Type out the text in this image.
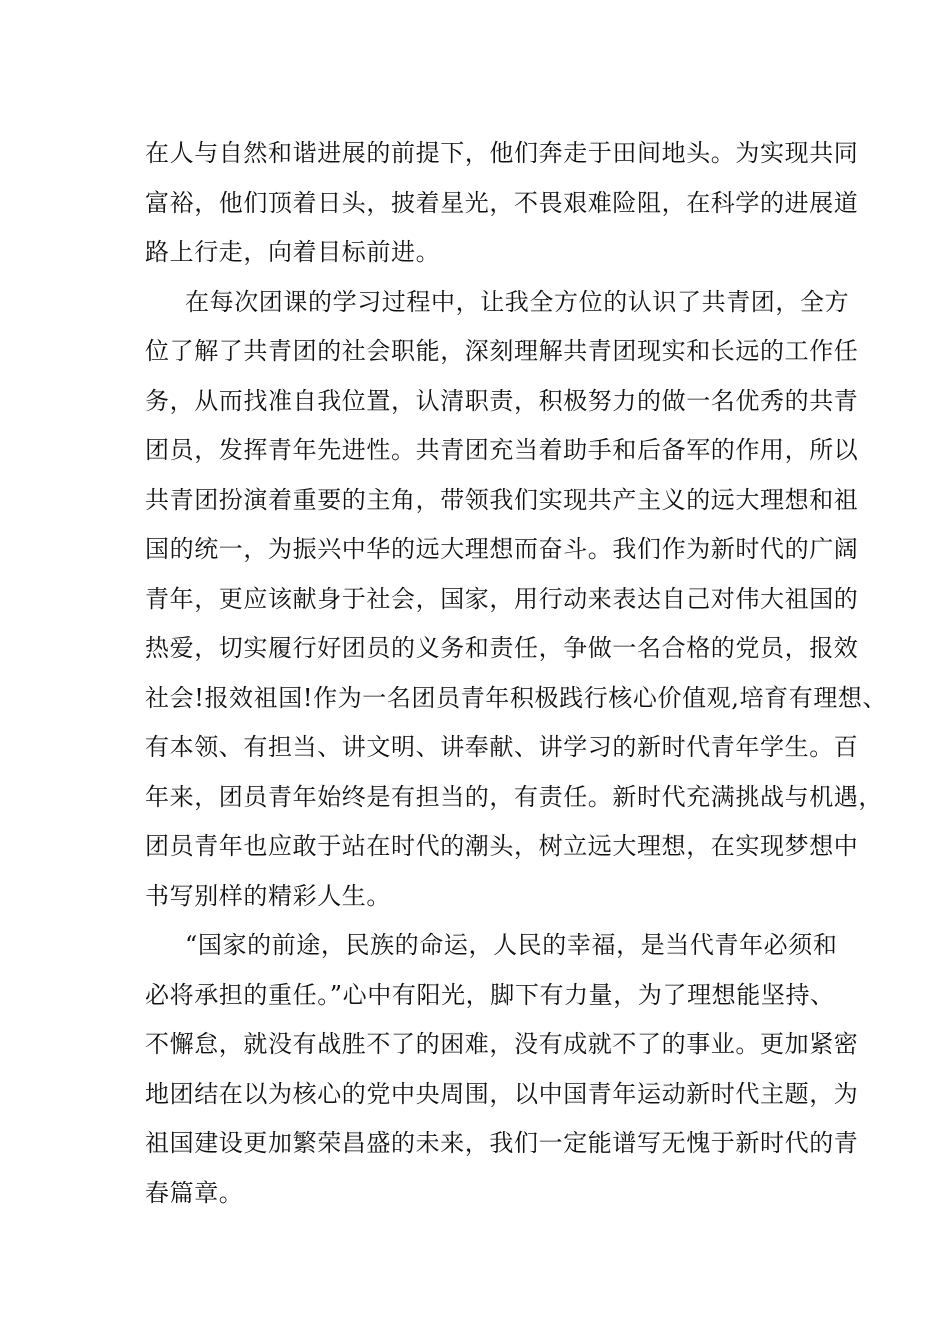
在人与自然和谐进展的前提下，他们奔走于田间地头。为实现共同
富裕，他们顶着日头，披着星光，不畏艰难险阻，在科学的进展道
路上行走，向着目标前进。
在每次团课的学习过程中，让我全方位的认识了共青团，全方
位了解了共青团的社会职能，深刻理解共青团现实和长远的工作任
务，从而找准自我位置，认清职责，积极努力的做一名优秀的共青
团员，发挥青年先进性。共青团充当着助手和后备军的作用，所以
共青团扮演着重要的主角，带领我们实现共产主义的远大理想和祖
国的统一，为振兴中华的远大理想而奋斗。我们作为新时代的广阔
青年，更应该献身于社会，国家，用行动来表达自己对伟大祖国的
热爱，切实履行好团员的义务和责任，争做一名合格的党员，报效
社会!报效祖国!作为一名团员青年积极践行核心价值观,培育有理想、
有本领、有担当、讲文明、讲奉献、讲学习的新时代青年学生。百
年来，团员青年始终是有担当的，有责任。新时代充满挑战与机遇，
团员青年也应敢于站在时代的潮头，树立远大理想，在实现梦想中
书写别样的精彩人生。
“国家的前途，民族的命运，人民的幸福，是当代青年必须和
必将承担的重任。”心中有阳光，脚下有力量，为了理想能坚持、
不懈怠，就没有战胜不了的困难，没有成就不了的事业。更加紧密
地团结在以为核心的党中央周围，以中国青年运动新时代主题，为
祖国建设更加繁荣昌盛的未来，我们一定能谱写无愧于新时代的青
春篇章。
